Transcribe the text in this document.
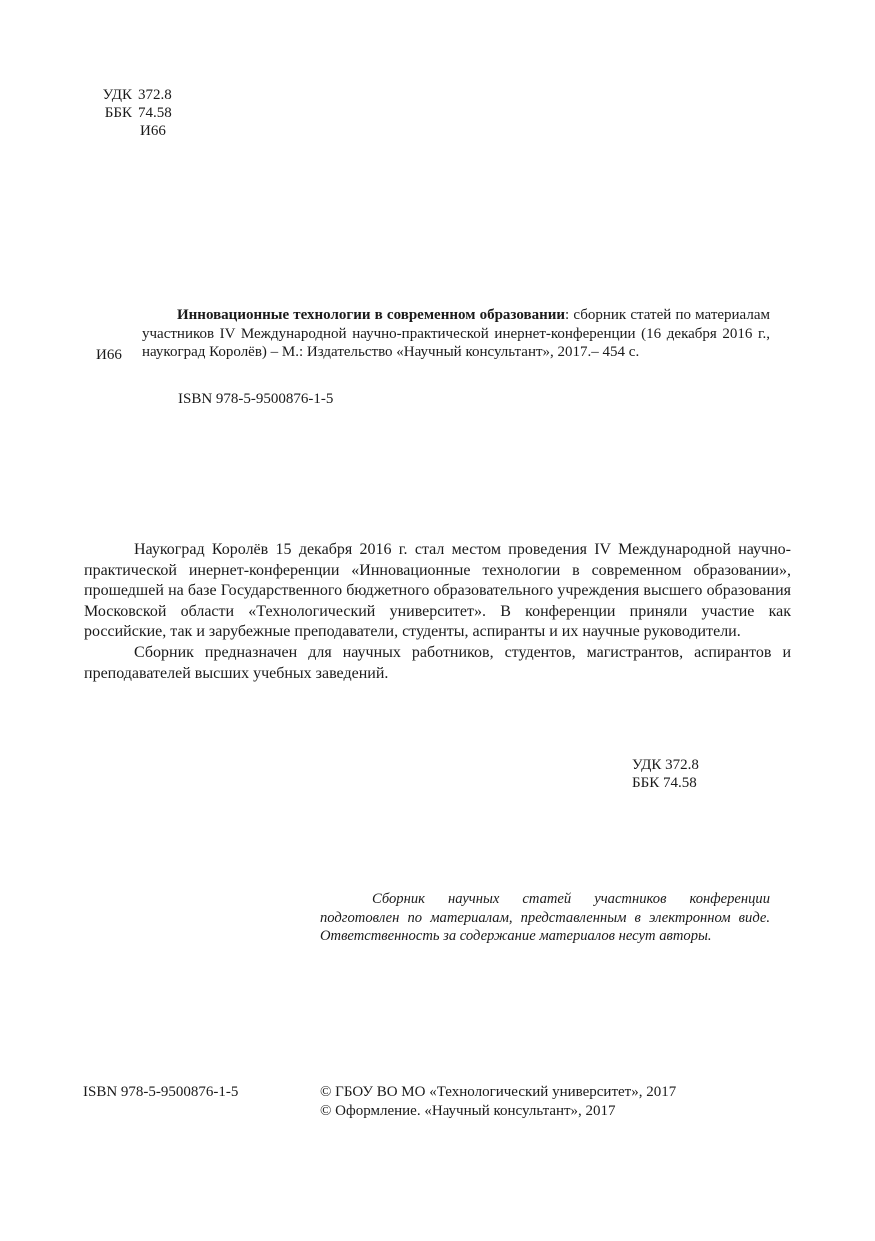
УДК 372.8
ББК 74.58
И66
И66
Инновационные технологии в современном образовании: сборник статей по материалам участников IV Международной научно-практической инернет-конференции (16 декабря 2016 г., наукоград Королёв) – М.: Издательство «Научный консультант», 2017.– 454 с.
ISBN 978-5-9500876-1-5

Наукоград Королёв 15 декабря 2016 г. стал местом проведения IV Международной научно-практической инернет-конференции «Инновационные технологии в современном образовании», прошедшей на базе Государственного бюджетного образовательного учреждения высшего образования Московской области «Технологический университет». В конференции приняли участие как российские, так и зарубежные преподаватели, студенты, аспиранты и их научные руководители.

Сборник предназначен для научных работников, студентов, магистрантов, аспирантов и преподавателей высших учебных заведений.

УДК 372.8
ББК 74.58

Сборник научных статей участников конференции подготовлен по материалам, представленным в электронном виде. Ответственность за содержание материалов несут авторы.

ISBN 978-5-9500876-1-5	© ГБОУ ВО МО «Технологический университет», 2017
© Оформление. «Научный консультант», 2017
